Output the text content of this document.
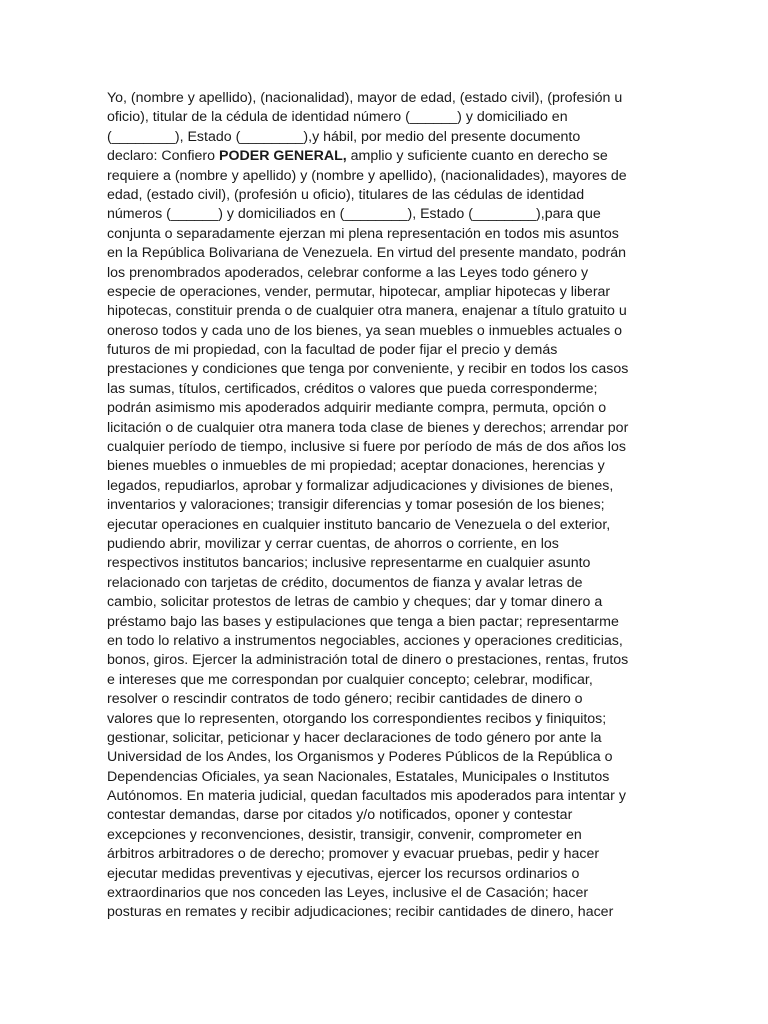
Yo, (nombre y apellido), (nacionalidad), mayor de edad, (estado civil), (profesión u
oficio), titular de la cédula de identidad número (______) y domiciliado en
(________), Estado (________),y hábil, por medio del presente documento
declaro: Confiero PODER GENERAL, amplio y suficiente cuanto en derecho se
requiere a (nombre y apellido) y (nombre y apellido), (nacionalidades), mayores de
edad, (estado civil), (profesión u oficio), titulares de las cédulas de identidad
números (______) y domiciliados en (________), Estado (________),para que
conjunta o separadamente ejerzan mi plena representación en todos mis asuntos
en la República Bolivariana de Venezuela. En virtud del presente mandato, podrán
los prenombrados apoderados, celebrar conforme a las Leyes todo género y
especie de operaciones, vender, permutar, hipotecar, ampliar hipotecas y liberar
hipotecas, constituir prenda o de cualquier otra manera, enajenar a título gratuito u
oneroso todos y cada uno de los bienes, ya sean muebles o inmuebles actuales o
futuros de mi propiedad, con la facultad de poder fijar el precio y demás
prestaciones y condiciones que tenga por conveniente, y recibir en todos los casos
las sumas, títulos, certificados, créditos o valores que pueda corresponderme;
podrán asimismo mis apoderados adquirir mediante compra, permuta, opción o
licitación o de cualquier otra manera toda clase de bienes y derechos; arrendar por
cualquier período de tiempo, inclusive si fuere por período de más de dos años los
bienes muebles o inmuebles de mi propiedad; aceptar donaciones, herencias y
legados, repudiarlos, aprobar y formalizar adjudicaciones y divisiones de bienes,
inventarios y valoraciones; transigir diferencias y tomar posesión de los bienes;
ejecutar operaciones en cualquier instituto bancario de Venezuela o del exterior,
pudiendo abrir, movilizar y cerrar cuentas, de ahorros o corriente, en los
respectivos institutos bancarios; inclusive representarme en cualquier asunto
relacionado con tarjetas de crédito, documentos de fianza y avalar letras de
cambio, solicitar protestos de letras de cambio y cheques; dar y tomar dinero a
préstamo bajo las bases y estipulaciones que tenga a bien pactar; representarme
en todo lo relativo a instrumentos negociables, acciones y operaciones crediticias,
bonos, giros. Ejercer la administración total de dinero o prestaciones, rentas, frutos
e intereses que me correspondan por cualquier concepto; celebrar, modificar,
resolver o rescindir contratos de todo género; recibir cantidades de dinero o
valores que lo representen, otorgando los correspondientes recibos y finiquitos;
gestionar, solicitar, peticionar y hacer declaraciones de todo género por ante la
Universidad de los Andes, los Organismos y Poderes Públicos de la República o
Dependencias Oficiales, ya sean Nacionales, Estatales, Municipales o Institutos
Autónomos. En materia judicial, quedan facultados mis apoderados para intentar y
contestar demandas, darse por citados y/o notificados, oponer y contestar
excepciones y reconvenciones, desistir, transigir, convenir, comprometer en
árbitros arbitradores o de derecho; promover y evacuar pruebas, pedir y hacer
ejecutar medidas preventivas y ejecutivas, ejercer los recursos ordinarios o
extraordinarios que nos conceden las Leyes, inclusive el de Casación; hacer
posturas en remates y recibir adjudicaciones; recibir cantidades de dinero, hacer
